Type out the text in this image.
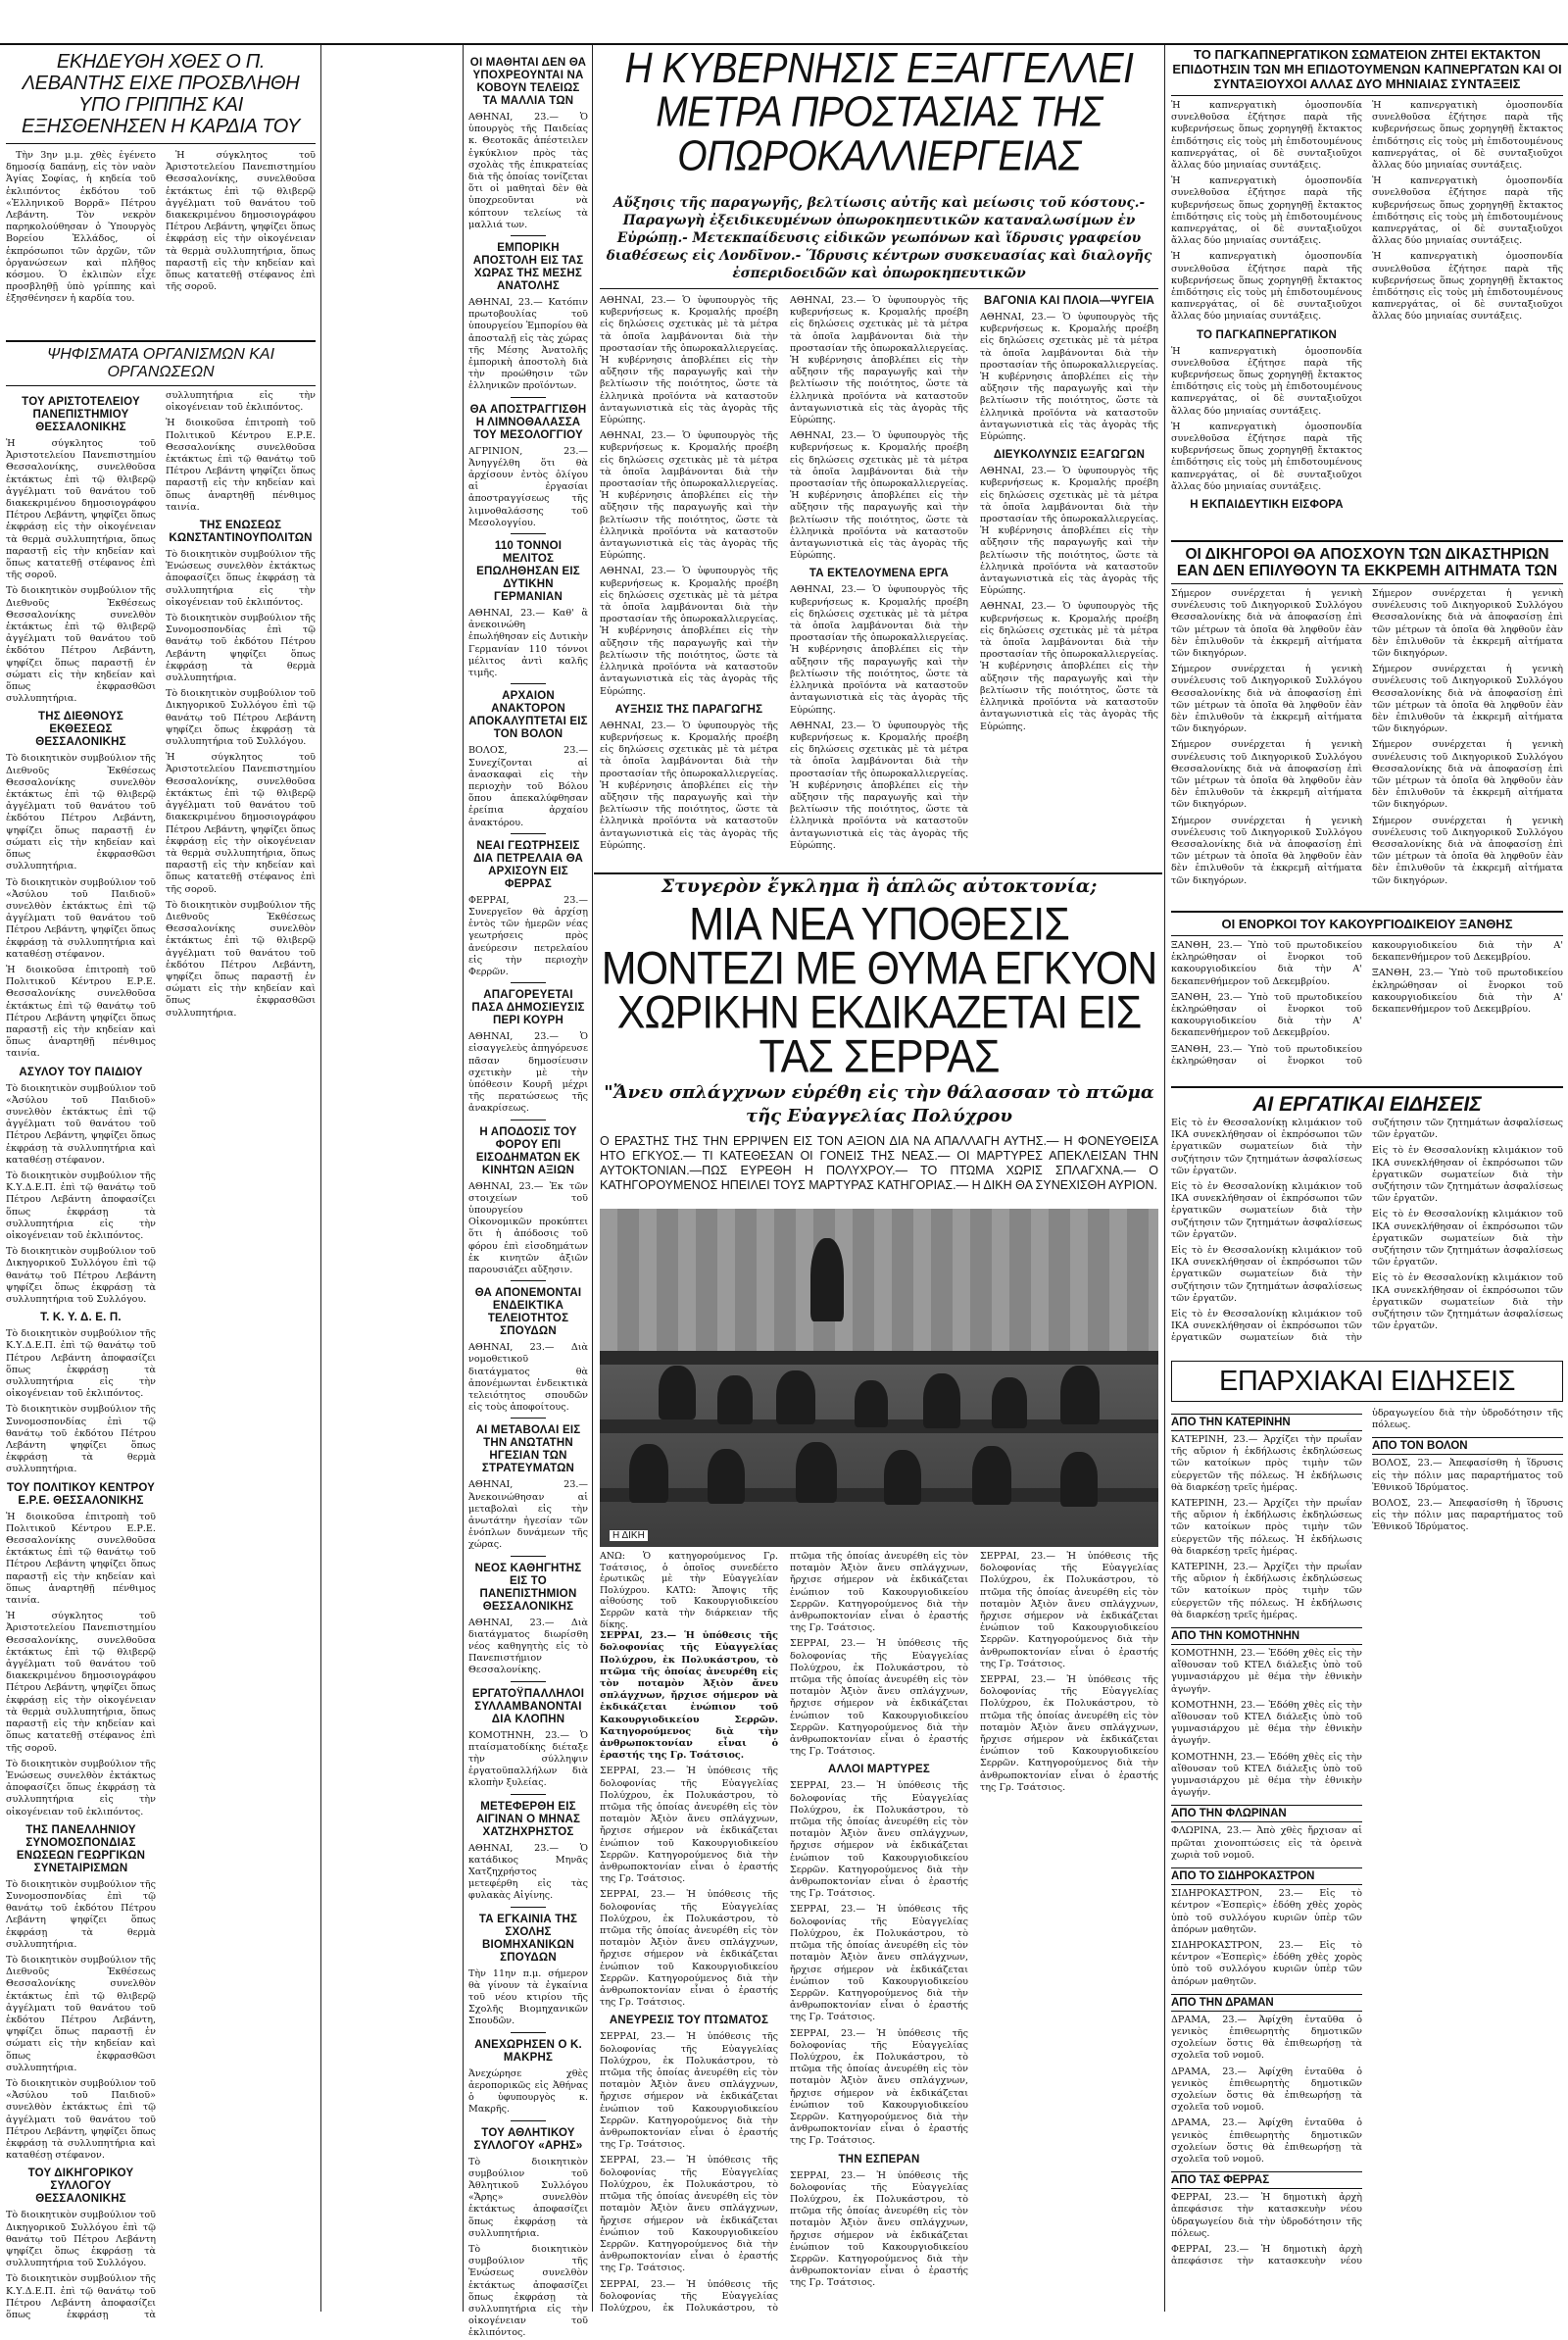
ΕΚΗΔΕΥΘΗ ΧΘΕΣ Ο Π. ΛΕΒΑΝΤΗΣ ΕΙΧΕ ΠΡΟΣΒΛΗΘΗ ΥΠΟ ΓΡΙΠΠΗΣ ΚΑΙ ΕΞΗΣΘΕΝΗΣΕΝ Η ΚΑΡΔΙΑ ΤΟΥ

Τὴν 3ην μ.μ. χθὲς ἐγένετο δημοσίᾳ δαπάνῃ, εἰς τὸν ναὸν Ἁγίας Σοφίας, ἡ κηδεία τοῦ ἐκλιπόντος ἐκδότου τοῦ «Ἑλληνικοῦ Βορρᾶ» Πέτρου Λεβάντη. Τὸν νεκρὸν παρηκολούθησαν ὁ Ὑπουργὸς Βορείου Ἑλλάδος, οἱ ἐκπρόσωποι τῶν ἀρχῶν, τῶν ὀργανώσεων καὶ πλῆθος κόσμου. Ὁ ἐκλιπὼν εἶχε προσβληθῇ ὑπὸ γρίππης καὶ ἐξησθένησεν ἡ καρδία του.

Ἡ σύγκλητος τοῦ Ἀριστοτελείου Πανεπιστημίου Θεσσαλονίκης, συνελθοῦσα ἐκτάκτως ἐπὶ τῷ θλιβερῷ ἀγγέλματι τοῦ θανάτου τοῦ διακεκριμένου δημοσιογράφου Πέτρου Λεβάντη, ψηφίζει ὅπως ἐκφράσῃ εἰς τὴν οἰκογένειαν τὰ θερμὰ συλλυπητήρια, ὅπως παραστῇ εἰς τὴν κηδείαν καὶ ὅπως κατατεθῇ στέφανος ἐπὶ τῆς σοροῦ.

ΨΗΦΙΣΜΑΤΑ ΟΡΓΑΝΙΣΜΩΝ ΚΑΙ ΟΡΓΑΝΩΣΕΩΝ
ΤΟΥ ΑΡΙΣΤΟΤΕΛΕΙΟΥ ΠΑΝΕΠΙΣΤΗΜΙΟΥ ΘΕΣΣΑΛΟΝΙΚΗΣ
Ἡ σύγκλητος τοῦ Ἀριστοτελείου Πανεπιστημίου Θεσσαλονίκης, συνελθοῦσα ἐκτάκτως ἐπὶ τῷ θλιβερῷ ἀγγέλματι τοῦ θανάτου τοῦ διακεκριμένου δημοσιογράφου Πέτρου Λεβάντη, ψηφίζει ὅπως ἐκφράσῃ εἰς τὴν οἰκογένειαν τὰ θερμὰ συλλυπητήρια, ὅπως παραστῇ εἰς τὴν κηδείαν καὶ ὅπως κατατεθῇ στέφανος ἐπὶ τῆς σοροῦ.
Τὸ διοικητικὸν συμβούλιον τῆς Διεθνοῦς Ἐκθέσεως Θεσσαλονίκης συνελθὸν ἐκτάκτως ἐπὶ τῷ θλιβερῷ ἀγγέλματι τοῦ θανάτου τοῦ ἐκδότου Πέτρου Λεβάντη, ψηφίζει ὅπως παραστῇ ἐν σώματι εἰς τὴν κηδείαν καὶ ὅπως ἐκφρασθῶσι συλλυπητήρια.
ΤΗΣ ΔΙΕΘΝΟΥΣ ΕΚΘΕΣΕΩΣ ΘΕΣΣΑΛΟΝΙΚΗΣ
Τὸ διοικητικὸν συμβούλιον τῆς Διεθνοῦς Ἐκθέσεως Θεσσαλονίκης συνελθὸν ἐκτάκτως ἐπὶ τῷ θλιβερῷ ἀγγέλματι τοῦ θανάτου τοῦ ἐκδότου Πέτρου Λεβάντη, ψηφίζει ὅπως παραστῇ ἐν σώματι εἰς τὴν κηδείαν καὶ ὅπως ἐκφρασθῶσι συλλυπητήρια.
Τὸ διοικητικὸν συμβούλιον τοῦ «Ἀσύλου τοῦ Παιδιοῦ» συνελθὸν ἐκτάκτως ἐπὶ τῷ ἀγγέλματι τοῦ θανάτου τοῦ Πέτρου Λεβάντη, ψηφίζει ὅπως ἐκφράσῃ τὰ συλλυπητήρια καὶ καταθέσῃ στέφανον.
Ἡ διοικοῦσα ἐπιτροπὴ τοῦ Πολιτικοῦ Κέντρου Ε.Ρ.Ε. Θεσσαλονίκης συνελθοῦσα ἐκτάκτως ἐπὶ τῷ θανάτῳ τοῦ Πέτρου Λεβάντη ψηφίζει ὅπως παραστῇ εἰς τὴν κηδείαν καὶ ὅπως ἀναρτηθῇ πένθιμος ταινία.
ΑΣΥΛΟΥ ΤΟΥ ΠΑΙΔΙΟΥ
Τὸ διοικητικὸν συμβούλιον τοῦ «Ἀσύλου τοῦ Παιδιοῦ» συνελθὸν ἐκτάκτως ἐπὶ τῷ ἀγγέλματι τοῦ θανάτου τοῦ Πέτρου Λεβάντη, ψηφίζει ὅπως ἐκφράσῃ τὰ συλλυπητήρια καὶ καταθέσῃ στέφανον.
Τὸ διοικητικὸν συμβούλιον τῆς Κ.Υ.Δ.Ε.Π. ἐπὶ τῷ θανάτῳ τοῦ Πέτρου Λεβάντη ἀποφασίζει ὅπως ἐκφράσῃ τὰ συλλυπητήρια εἰς τὴν οἰκογένειαν τοῦ ἐκλιπόντος.
Τὸ διοικητικὸν συμβούλιον τοῦ Δικηγορικοῦ Συλλόγου ἐπὶ τῷ θανάτῳ τοῦ Πέτρου Λεβάντη ψηφίζει ὅπως ἐκφράσῃ τὰ συλλυπητήρια τοῦ Συλλόγου.
Τ. Κ. Υ. Δ. Ε. Π.
Τὸ διοικητικὸν συμβούλιον τῆς Κ.Υ.Δ.Ε.Π. ἐπὶ τῷ θανάτῳ τοῦ Πέτρου Λεβάντη ἀποφασίζει ὅπως ἐκφράσῃ τὰ συλλυπητήρια εἰς τὴν οἰκογένειαν τοῦ ἐκλιπόντος.
Τὸ διοικητικὸν συμβούλιον τῆς Συνομοσπονδίας ἐπὶ τῷ θανάτῳ τοῦ ἐκδότου Πέτρου Λεβάντη ψηφίζει ὅπως ἐκφράσῃ τὰ θερμὰ συλλυπητήρια.
ΤΟΥ ΠΟΛΙΤΙΚΟΥ ΚΕΝΤΡΟΥ Ε.Ρ.Ε. ΘΕΣΣΑΛΟΝΙΚΗΣ
Ἡ διοικοῦσα ἐπιτροπὴ τοῦ Πολιτικοῦ Κέντρου Ε.Ρ.Ε. Θεσσαλονίκης συνελθοῦσα ἐκτάκτως ἐπὶ τῷ θανάτῳ τοῦ Πέτρου Λεβάντη ψηφίζει ὅπως παραστῇ εἰς τὴν κηδείαν καὶ ὅπως ἀναρτηθῇ πένθιμος ταινία.
Ἡ σύγκλητος τοῦ Ἀριστοτελείου Πανεπιστημίου Θεσσαλονίκης, συνελθοῦσα ἐκτάκτως ἐπὶ τῷ θλιβερῷ ἀγγέλματι τοῦ θανάτου τοῦ διακεκριμένου δημοσιογράφου Πέτρου Λεβάντη, ψηφίζει ὅπως ἐκφράσῃ εἰς τὴν οἰκογένειαν τὰ θερμὰ συλλυπητήρια, ὅπως παραστῇ εἰς τὴν κηδείαν καὶ ὅπως κατατεθῇ στέφανος ἐπὶ τῆς σοροῦ.
Τὸ διοικητικὸν συμβούλιον τῆς Ἑνώσεως συνελθὸν ἐκτάκτως ἀποφασίζει ὅπως ἐκφράσῃ τὰ συλλυπητήρια εἰς τὴν οἰκογένειαν τοῦ ἐκλιπόντος.
ΤΗΣ ΠΑΝΕΛΛΗΝΙΟΥ ΣΥΝΟΜΟΣΠΟΝΔΙΑΣ ΕΝΩΣΕΩΝ ΓΕΩΡΓΙΚΩΝ ΣΥΝΕΤΑΙΡΙΣΜΩΝ
Τὸ διοικητικὸν συμβούλιον τῆς Συνομοσπονδίας ἐπὶ τῷ θανάτῳ τοῦ ἐκδότου Πέτρου Λεβάντη ψηφίζει ὅπως ἐκφράσῃ τὰ θερμὰ συλλυπητήρια.
Τὸ διοικητικὸν συμβούλιον τῆς Διεθνοῦς Ἐκθέσεως Θεσσαλονίκης συνελθὸν ἐκτάκτως ἐπὶ τῷ θλιβερῷ ἀγγέλματι τοῦ θανάτου τοῦ ἐκδότου Πέτρου Λεβάντη, ψηφίζει ὅπως παραστῇ ἐν σώματι εἰς τὴν κηδείαν καὶ ὅπως ἐκφρασθῶσι συλλυπητήρια.
Τὸ διοικητικὸν συμβούλιον τοῦ «Ἀσύλου τοῦ Παιδιοῦ» συνελθὸν ἐκτάκτως ἐπὶ τῷ ἀγγέλματι τοῦ θανάτου τοῦ Πέτρου Λεβάντη, ψηφίζει ὅπως ἐκφράσῃ τὰ συλλυπητήρια καὶ καταθέσῃ στέφανον.
ΤΟΥ ΔΙΚΗΓΟΡΙΚΟΥ ΣΥΛΛΟΓΟΥ ΘΕΣΣΑΛΟΝΙΚΗΣ
Τὸ διοικητικὸν συμβούλιον τοῦ Δικηγορικοῦ Συλλόγου ἐπὶ τῷ θανάτῳ τοῦ Πέτρου Λεβάντη ψηφίζει ὅπως ἐκφράσῃ τὰ συλλυπητήρια τοῦ Συλλόγου.
Τὸ διοικητικὸν συμβούλιον τῆς Κ.Υ.Δ.Ε.Π. ἐπὶ τῷ θανάτῳ τοῦ Πέτρου Λεβάντη ἀποφασίζει ὅπως ἐκφράσῃ τὰ συλλυπητήρια εἰς τὴν οἰκογένειαν τοῦ ἐκλιπόντος.
Ἡ διοικοῦσα ἐπιτροπὴ τοῦ Πολιτικοῦ Κέντρου Ε.Ρ.Ε. Θεσσαλονίκης συνελθοῦσα ἐκτάκτως ἐπὶ τῷ θανάτῳ τοῦ Πέτρου Λεβάντη ψηφίζει ὅπως παραστῇ εἰς τὴν κηδείαν καὶ ὅπως ἀναρτηθῇ πένθιμος ταινία.
ΤΗΣ ΕΝΩΣΕΩΣ ΚΩΝΣΤΑΝΤΙΝΟΥΠΟΛΙΤΩΝ
Τὸ διοικητικὸν συμβούλιον τῆς Ἑνώσεως συνελθὸν ἐκτάκτως ἀποφασίζει ὅπως ἐκφράσῃ τὰ συλλυπητήρια εἰς τὴν οἰκογένειαν τοῦ ἐκλιπόντος.
Τὸ διοικητικὸν συμβούλιον τῆς Συνομοσπονδίας ἐπὶ τῷ θανάτῳ τοῦ ἐκδότου Πέτρου Λεβάντη ψηφίζει ὅπως ἐκφράσῃ τὰ θερμὰ συλλυπητήρια.
Τὸ διοικητικὸν συμβούλιον τοῦ Δικηγορικοῦ Συλλόγου ἐπὶ τῷ θανάτῳ τοῦ Πέτρου Λεβάντη ψηφίζει ὅπως ἐκφράσῃ τὰ συλλυπητήρια τοῦ Συλλόγου.
Ἡ σύγκλητος τοῦ Ἀριστοτελείου Πανεπιστημίου Θεσσαλονίκης, συνελθοῦσα ἐκτάκτως ἐπὶ τῷ θλιβερῷ ἀγγέλματι τοῦ θανάτου τοῦ διακεκριμένου δημοσιογράφου Πέτρου Λεβάντη, ψηφίζει ὅπως ἐκφράσῃ εἰς τὴν οἰκογένειαν τὰ θερμὰ συλλυπητήρια, ὅπως παραστῇ εἰς τὴν κηδείαν καὶ ὅπως κατατεθῇ στέφανος ἐπὶ τῆς σοροῦ.
Τὸ διοικητικὸν συμβούλιον τῆς Διεθνοῦς Ἐκθέσεως Θεσσαλονίκης συνελθὸν ἐκτάκτως ἐπὶ τῷ θλιβερῷ ἀγγέλματι τοῦ θανάτου τοῦ ἐκδότου Πέτρου Λεβάντη, ψηφίζει ὅπως παραστῇ ἐν σώματι εἰς τὴν κηδείαν καὶ ὅπως ἐκφρασθῶσι συλλυπητήρια.
ΟΙ ΜΑΘΗΤΑΙ ΔΕΝ ΘΑ ΥΠΟΧΡΕΟΥΝΤΑΙ ΝΑ ΚΟΒΟΥΝ ΤΕΛΕΙΩΣ ΤΑ ΜΑΛΛΙΑ ΤΩΝ
ΑΘΗΝΑΙ, 23.— Ὁ ὑπουργὸς τῆς Παιδείας κ. Θεοτοκᾶς ἀπέστειλεν ἐγκύκλιον πρὸς τὰς σχολὰς τῆς ἐπικρατείας διὰ τῆς ὁποίας τονίζεται ὅτι οἱ μαθηταὶ δὲν θὰ ὑποχρεοῦνται νὰ κόπτουν τελείως τὰ μαλλιά των.
ΕΜΠΟΡΙΚΗ ΑΠΟΣΤΟΛΗ ΕΙΣ ΤΑΣ ΧΩΡΑΣ ΤΗΣ ΜΕΣΗΣ ΑΝΑΤΟΛΗΣ
ΑΘΗΝΑΙ, 23.— Κατόπιν πρωτοβουλίας τοῦ ὑπουργείου Ἐμπορίου θὰ ἀποσταλῇ εἰς τὰς χώρας τῆς Μέσης Ἀνατολῆς ἐμπορικὴ ἀποστολὴ διὰ τὴν προώθησιν τῶν ἑλληνικῶν προϊόντων.
ΘΑ ΑΠΟΣΤΡΑΓΓΙΣΘΗ Η ΛΙΜΝΟΘΑΛΑΣΣΑ ΤΟΥ ΜΕΣΟΛΟΓΓΙΟΥ
ΑΓΡΙΝΙΟΝ, 23.— Ἀνηγγέλθη ὅτι θὰ ἀρχίσουν ἐντὸς ὀλίγου αἱ ἐργασίαι ἀποστραγγίσεως τῆς λιμνοθαλάσσης τοῦ Μεσολογγίου.
110 ΤΟΝΝΟΙ ΜΕΛΙΤΟΣ ΕΠΩΛΗΘΗΣΑΝ ΕΙΣ ΔΥΤΙΚΗΝ ΓΕΡΜΑΝΙΑΝ
ΑΘΗΝΑΙ, 23.— Καθ' ἃ ἀνεκοινώθη ἐπωλήθησαν εἰς Δυτικὴν Γερμανίαν 110 τόννοι μέλιτος ἀντὶ καλῆς τιμῆς.
ΑΡΧΑΙΟΝ ΑΝΑΚΤΟΡΟΝ ΑΠΟΚΑΛΥΠΤΕΤΑΙ ΕΙΣ ΤΟΝ ΒΟΛΟΝ
ΒΟΛΟΣ, 23.— Συνεχίζονται αἱ ἀνασκαφαὶ εἰς τὴν περιοχὴν τοῦ Βόλου ὅπου ἀπεκαλύφθησαν ἐρείπια ἀρχαίου ἀνακτόρου.
ΝΕΑΙ ΓΕΩΤΡΗΣΕΙΣ ΔΙΑ ΠΕΤΡΕΛΑΙΑ ΘΑ ΑΡΧΙΣΟΥΝ ΕΙΣ ΦΕΡΡΑΣ
ΦΕΡΡΑΙ, 23.— Συνεργεῖον θὰ ἀρχίσῃ ἐντὸς τῶν ἡμερῶν νέας γεωτρήσεις πρὸς ἀνεύρεσιν πετρελαίου εἰς τὴν περιοχὴν Φερρῶν.
ΑΠΑΓΟΡΕΥΕΤΑΙ ΠΑΣΑ ΔΗΜΟΣΙΕΥΣΙΣ ΠΕΡΙ ΚΟΥΡΗ
ΑΘΗΝΑΙ, 23.— Ὁ εἰσαγγελεὺς ἀπηγόρευσε πᾶσαν δημοσίευσιν σχετικὴν μὲ τὴν ὑπόθεσιν Κουρῆ μέχρι τῆς περατώσεως τῆς ἀνακρίσεως.
Η ΑΠΟΔΟΣΙΣ ΤΟΥ ΦΟΡΟΥ ΕΠΙ ΕΙΣΟΔΗΜΑΤΩΝ ΕΚ ΚΙΝΗΤΩΝ ΑΞΙΩΝ
ΑΘΗΝΑΙ, 23.— Ἐκ τῶν στοιχείων τοῦ ὑπουργείου Οἰκονομικῶν προκύπτει ὅτι ἡ ἀπόδοσις τοῦ φόρου ἐπὶ εἰσοδημάτων ἐκ κινητῶν ἀξιῶν παρουσιάζει αὔξησιν.
ΘΑ ΑΠΟΝΕΜΟΝΤΑΙ ΕΝΔΕΙΚΤΙΚΑ ΤΕΛΕΙΟΤΗΤΟΣ ΣΠΟΥΔΩΝ
ΑΘΗΝΑΙ, 23.— Διὰ νομοθετικοῦ διατάγματος θὰ ἀπονέμωνται ἐνδεικτικὰ τελειότητος σπουδῶν εἰς τοὺς ἀποφοίτους.
ΑΙ ΜΕΤΑΒΟΛΑΙ ΕΙΣ ΤΗΝ ΑΝΩΤΑΤΗΝ ΗΓΕΣΙΑΝ ΤΩΝ ΣΤΡΑΤΕΥΜΑΤΩΝ
ΑΘΗΝΑΙ, 23.— Ἀνεκοινώθησαν αἱ μεταβολαὶ εἰς τὴν ἀνωτάτην ἡγεσίαν τῶν ἐνόπλων δυνάμεων τῆς χώρας.
ΝΕΟΣ ΚΑΘΗΓΗΤΗΣ ΕΙΣ ΤΟ ΠΑΝΕΠΙΣΤΗΜΙΟΝ ΘΕΣΣΑΛΟΝΙΚΗΣ
ΑΘΗΝΑΙ, 23.— Διὰ διατάγματος διωρίσθη νέος καθηγητὴς εἰς τὸ Πανεπιστήμιον Θεσσαλονίκης.
ΕΡΓΑΤΟΫΠΑΛΛΗΛΟΙ ΣΥΛΛΑΜΒΑΝΟΝΤΑΙ ΔΙΑ ΚΛΟΠΗΝ
ΚΟΜΟΤΗΝΗ, 23.— Ὁ πταίσματοδίκης διέταξε τὴν σύλληψιν ἐργατοϋπαλλήλων διὰ κλοπὴν ξυλείας.
ΜΕΤΕΦΕΡΘΗ ΕΙΣ ΑΙΓΙΝΑΝ Ο ΜΗΝΑΣ ΧΑΤΖΗΧΡΗΣΤΟΣ
ΑΘΗΝΑΙ, 23.— Ὁ κατάδικος Μηνᾶς Χατζηχρήστος μετεφέρθη εἰς τὰς φυλακὰς Αἰγίνης.
ΤΑ ΕΓΚΑΙΝΙΑ ΤΗΣ ΣΧΟΛΗΣ ΒΙΟΜΗΧΑΝΙΚΩΝ ΣΠΟΥΔΩΝ
Τὴν 11ην π.μ. σήμερον θὰ γίνουν τὰ ἐγκαίνια τοῦ νέου κτιρίου τῆς Σχολῆς Βιομηχανικῶν Σπουδῶν.
ΑΝΕΧΩΡΗΣΕΝ Ο Κ. ΜΑΚΡΗΣ
Ἀνεχώρησε χθὲς ἀεροπορικῶς εἰς Ἀθήνας ὁ ὑφυπουργὸς κ. Μακρῆς.
ΤΟΥ ΑΘΛΗΤΙΚΟΥ ΣΥΛΛΟΓΟΥ «ΑΡΗΣ»
Τὸ διοικητικὸν συμβούλιον τοῦ Ἀθλητικοῦ Συλλόγου «Ἄρης» συνελθὸν ἐκτάκτως ἀποφασίζει ὅπως ἐκφράσῃ τὰ συλλυπητήρια.
Τὸ διοικητικὸν συμβούλιον τῆς Ἑνώσεως συνελθὸν ἐκτάκτως ἀποφασίζει ὅπως ἐκφράσῃ τὰ συλλυπητήρια εἰς τὴν οἰκογένειαν τοῦ ἐκλιπόντος.
Η ΚΥΒΕΡΝΗΣΙΣ ΕΞΑΓΓΕΛΛΕΙ ΜΕΤΡΑ ΠΡΟΣΤΑΣΙΑΣ ΤΗΣ ΟΠΩΡΟΚΑΛΛΙΕΡΓΕΙΑΣ
Αὔξησις τῆς παραγωγῆς, βελτίωσις αὐτῆς καὶ μείωσις τοῦ κόστους.- Παραγωγὴ ἐξειδικευμένων ὀπωροκηπευτικῶν καταναλωσίμων ἐν Εὐρώπῃ.- Μετεκπαίδευσις εἰδικῶν γεωπόνων καὶ ἵδρυσις γραφείου διαθέσεως εἰς Λονδῖνον.- Ἵδρυσις κέντρων συσκευασίας καὶ διαλογῆς ἐσπεριδοειδῶν καὶ ὀπωροκηπευτικῶν
ΑΘΗΝΑΙ, 23.— Ὁ ὑφυπουργὸς τῆς κυβερνήσεως κ. Κρομαλής προέβη εἰς δηλώσεις σχετικὰς μὲ τὰ μέτρα τὰ ὁποῖα λαμβάνονται διὰ τὴν προστασίαν τῆς ὀπωροκαλλιεργείας. Ἡ κυβέρνησις ἀποβλέπει εἰς τὴν αὔξησιν τῆς παραγωγῆς καὶ τὴν βελτίωσιν τῆς ποιότητος, ὥστε τὰ ἑλληνικὰ προϊόντα νὰ καταστοῦν ἀνταγωνιστικὰ εἰς τὰς ἀγορὰς τῆς Εὐρώπης.
ΑΘΗΝΑΙ, 23.— Ὁ ὑφυπουργὸς τῆς κυβερνήσεως κ. Κρομαλής προέβη εἰς δηλώσεις σχετικὰς μὲ τὰ μέτρα τὰ ὁποῖα λαμβάνονται διὰ τὴν προστασίαν τῆς ὀπωροκαλλιεργείας. Ἡ κυβέρνησις ἀποβλέπει εἰς τὴν αὔξησιν τῆς παραγωγῆς καὶ τὴν βελτίωσιν τῆς ποιότητος, ὥστε τὰ ἑλληνικὰ προϊόντα νὰ καταστοῦν ἀνταγωνιστικὰ εἰς τὰς ἀγορὰς τῆς Εὐρώπης.
ΑΘΗΝΑΙ, 23.— Ὁ ὑφυπουργὸς τῆς κυβερνήσεως κ. Κρομαλής προέβη εἰς δηλώσεις σχετικὰς μὲ τὰ μέτρα τὰ ὁποῖα λαμβάνονται διὰ τὴν προστασίαν τῆς ὀπωροκαλλιεργείας. Ἡ κυβέρνησις ἀποβλέπει εἰς τὴν αὔξησιν τῆς παραγωγῆς καὶ τὴν βελτίωσιν τῆς ποιότητος, ὥστε τὰ ἑλληνικὰ προϊόντα νὰ καταστοῦν ἀνταγωνιστικὰ εἰς τὰς ἀγορὰς τῆς Εὐρώπης.
ΑΥΞΗΣΙΣ ΤΗΣ ΠΑΡΑΓΩΓΗΣ
ΑΘΗΝΑΙ, 23.— Ὁ ὑφυπουργὸς τῆς κυβερνήσεως κ. Κρομαλής προέβη εἰς δηλώσεις σχετικὰς μὲ τὰ μέτρα τὰ ὁποῖα λαμβάνονται διὰ τὴν προστασίαν τῆς ὀπωροκαλλιεργείας. Ἡ κυβέρνησις ἀποβλέπει εἰς τὴν αὔξησιν τῆς παραγωγῆς καὶ τὴν βελτίωσιν τῆς ποιότητος, ὥστε τὰ ἑλληνικὰ προϊόντα νὰ καταστοῦν ἀνταγωνιστικὰ εἰς τὰς ἀγορὰς τῆς Εὐρώπης.
ΑΘΗΝΑΙ, 23.— Ὁ ὑφυπουργὸς τῆς κυβερνήσεως κ. Κρομαλής προέβη εἰς δηλώσεις σχετικὰς μὲ τὰ μέτρα τὰ ὁποῖα λαμβάνονται διὰ τὴν προστασίαν τῆς ὀπωροκαλλιεργείας. Ἡ κυβέρνησις ἀποβλέπει εἰς τὴν αὔξησιν τῆς παραγωγῆς καὶ τὴν βελτίωσιν τῆς ποιότητος, ὥστε τὰ ἑλληνικὰ προϊόντα νὰ καταστοῦν ἀνταγωνιστικὰ εἰς τὰς ἀγορὰς τῆς Εὐρώπης.
ΑΘΗΝΑΙ, 23.— Ὁ ὑφυπουργὸς τῆς κυβερνήσεως κ. Κρομαλής προέβη εἰς δηλώσεις σχετικὰς μὲ τὰ μέτρα τὰ ὁποῖα λαμβάνονται διὰ τὴν προστασίαν τῆς ὀπωροκαλλιεργείας. Ἡ κυβέρνησις ἀποβλέπει εἰς τὴν αὔξησιν τῆς παραγωγῆς καὶ τὴν βελτίωσιν τῆς ποιότητος, ὥστε τὰ ἑλληνικὰ προϊόντα νὰ καταστοῦν ἀνταγωνιστικὰ εἰς τὰς ἀγορὰς τῆς Εὐρώπης.
ΤΑ ΕΚΤΕΛΟΥΜΕΝΑ ΕΡΓΑ
ΑΘΗΝΑΙ, 23.— Ὁ ὑφυπουργὸς τῆς κυβερνήσεως κ. Κρομαλής προέβη εἰς δηλώσεις σχετικὰς μὲ τὰ μέτρα τὰ ὁποῖα λαμβάνονται διὰ τὴν προστασίαν τῆς ὀπωροκαλλιεργείας. Ἡ κυβέρνησις ἀποβλέπει εἰς τὴν αὔξησιν τῆς παραγωγῆς καὶ τὴν βελτίωσιν τῆς ποιότητος, ὥστε τὰ ἑλληνικὰ προϊόντα νὰ καταστοῦν ἀνταγωνιστικὰ εἰς τὰς ἀγορὰς τῆς Εὐρώπης.
ΑΘΗΝΑΙ, 23.— Ὁ ὑφυπουργὸς τῆς κυβερνήσεως κ. Κρομαλής προέβη εἰς δηλώσεις σχετικὰς μὲ τὰ μέτρα τὰ ὁποῖα λαμβάνονται διὰ τὴν προστασίαν τῆς ὀπωροκαλλιεργείας. Ἡ κυβέρνησις ἀποβλέπει εἰς τὴν αὔξησιν τῆς παραγωγῆς καὶ τὴν βελτίωσιν τῆς ποιότητος, ὥστε τὰ ἑλληνικὰ προϊόντα νὰ καταστοῦν ἀνταγωνιστικὰ εἰς τὰς ἀγορὰς τῆς Εὐρώπης.
ΒΑΓΟΝΙΑ ΚΑΙ ΠΛΟΙΑ—ΨΥΓΕΙΑ
ΑΘΗΝΑΙ, 23.— Ὁ ὑφυπουργὸς τῆς κυβερνήσεως κ. Κρομαλής προέβη εἰς δηλώσεις σχετικὰς μὲ τὰ μέτρα τὰ ὁποῖα λαμβάνονται διὰ τὴν προστασίαν τῆς ὀπωροκαλλιεργείας. Ἡ κυβέρνησις ἀποβλέπει εἰς τὴν αὔξησιν τῆς παραγωγῆς καὶ τὴν βελτίωσιν τῆς ποιότητος, ὥστε τὰ ἑλληνικὰ προϊόντα νὰ καταστοῦν ἀνταγωνιστικὰ εἰς τὰς ἀγορὰς τῆς Εὐρώπης.
ΔΙΕΥΚΟΛΥΝΣΙΣ ΕΞΑΓΩΓΩΝ
ΑΘΗΝΑΙ, 23.— Ὁ ὑφυπουργὸς τῆς κυβερνήσεως κ. Κρομαλής προέβη εἰς δηλώσεις σχετικὰς μὲ τὰ μέτρα τὰ ὁποῖα λαμβάνονται διὰ τὴν προστασίαν τῆς ὀπωροκαλλιεργείας. Ἡ κυβέρνησις ἀποβλέπει εἰς τὴν αὔξησιν τῆς παραγωγῆς καὶ τὴν βελτίωσιν τῆς ποιότητος, ὥστε τὰ ἑλληνικὰ προϊόντα νὰ καταστοῦν ἀνταγωνιστικὰ εἰς τὰς ἀγορὰς τῆς Εὐρώπης.
ΑΘΗΝΑΙ, 23.— Ὁ ὑφυπουργὸς τῆς κυβερνήσεως κ. Κρομαλής προέβη εἰς δηλώσεις σχετικὰς μὲ τὰ μέτρα τὰ ὁποῖα λαμβάνονται διὰ τὴν προστασίαν τῆς ὀπωροκαλλιεργείας. Ἡ κυβέρνησις ἀποβλέπει εἰς τὴν αὔξησιν τῆς παραγωγῆς καὶ τὴν βελτίωσιν τῆς ποιότητος, ὥστε τὰ ἑλληνικὰ προϊόντα νὰ καταστοῦν ἀνταγωνιστικὰ εἰς τὰς ἀγορὰς τῆς Εὐρώπης.
Στυγερὸν ἔγκλημα ἢ ἁπλῶς αὐτοκτονία;
ΜΙΑ ΝΕΑ ΥΠΟΘΕΣΙΣ ΜΟΝΤΕΖΙ ΜΕ ΘΥΜΑ ΕΓΚΥΟΝ ΧΩΡΙΚΗΝ ΕΚΔΙΚΑΖΕΤΑΙ ΕΙΣ ΤΑΣ ΣΕΡΡΑΣ
"Ἄνευ σπλάγχνων εὑρέθη εἰς τὴν θάλασσαν τὸ πτῶμα τῆς Εὐαγγελίας Πολύχρου
Ο ΕΡΑΣΤΗΣ ΤΗΣ ΤΗΝ ΕΡΡΙΨΕΝ ΕΙΣ ΤΟΝ ΑΞΙΟΝ ΔΙΑ ΝΑ ΑΠΑΛΛΑΓΗ ΑΥΤΗΣ.— Η ΦΟΝΕΥΘΕΙΣΑ ΗΤΟ ΕΓΚΥΟΣ.— ΤΙ ΚΑΤΕΘΕΣΑΝ ΟΙ ΓΟΝΕΙΣ ΤΗΣ ΝΕΑΣ.— ΟΙ ΜΑΡΤΥΡΕΣ ΑΠΕΚΛΕΙΣΑΝ ΤΗΝ ΑΥΤΟΚΤΟΝΙΑΝ.—ΠΩΣ ΕΥΡΕΘΗ Η ΠΟΛΥΧΡΟΥ.— ΤΟ ΠΤΩΜΑ ΧΩΡΙΣ ΣΠΛΑΓΧΝΑ.— Ο ΚΑΤΗΓΟΡΟΥΜΕΝΟΣ ΗΠΕΙΛΕΙ ΤΟΥΣ ΜΑΡΤΥΡΑΣ ΚΑΤΗΓΟΡΙΑΣ.— Η ΔΙΚΗ ΘΑ ΣΥΝΕΧΙΣΘΗ ΑΥΡΙΟΝ.
Η ΔΙΚΗ
ΑΝΩ: Ὁ κατηγορούμενος Γρ. Τσάτσιος, ὁ ὁποῖος συνεδέετο ἐρωτικῶς μὲ τὴν Εὐαγγελίαν Πολύχρου. ΚΑΤΩ: Ἄποψις τῆς αἰθούσης τοῦ Κακουργιοδικείου Σερρῶν κατὰ τὴν διάρκειαν τῆς δίκης.
ΣΕΡΡΑΙ, 23.— Ἡ ὑπόθεσις τῆς δολοφονίας τῆς Εὐαγγελίας Πολύχρου, ἐκ Πολυκάστρου, τὸ πτῶμα τῆς ὁποίας ἀνευρέθη εἰς τὸν ποταμὸν Ἀξιὸν ἄνευ σπλάγχνων, ἤρχισε σήμερον νὰ ἐκδικάζεται ἐνώπιον τοῦ Κακουργιοδικείου Σερρῶν. Κατηγορούμενος διὰ τὴν ἀνθρωποκτονίαν εἶναι ὁ ἐραστής της Γρ. Τσάτσιος.
ΣΕΡΡΑΙ, 23.— Ἡ ὑπόθεσις τῆς δολοφονίας τῆς Εὐαγγελίας Πολύχρου, ἐκ Πολυκάστρου, τὸ πτῶμα τῆς ὁποίας ἀνευρέθη εἰς τὸν ποταμὸν Ἀξιὸν ἄνευ σπλάγχνων, ἤρχισε σήμερον νὰ ἐκδικάζεται ἐνώπιον τοῦ Κακουργιοδικείου Σερρῶν. Κατηγορούμενος διὰ τὴν ἀνθρωποκτονίαν εἶναι ὁ ἐραστής της Γρ. Τσάτσιος.
ΣΕΡΡΑΙ, 23.— Ἡ ὑπόθεσις τῆς δολοφονίας τῆς Εὐαγγελίας Πολύχρου, ἐκ Πολυκάστρου, τὸ πτῶμα τῆς ὁποίας ἀνευρέθη εἰς τὸν ποταμὸν Ἀξιὸν ἄνευ σπλάγχνων, ἤρχισε σήμερον νὰ ἐκδικάζεται ἐνώπιον τοῦ Κακουργιοδικείου Σερρῶν. Κατηγορούμενος διὰ τὴν ἀνθρωποκτονίαν εἶναι ὁ ἐραστής της Γρ. Τσάτσιος.
ΑΝΕΥΡΕΣΙΣ ΤΟΥ ΠΤΩΜΑΤΟΣ
ΣΕΡΡΑΙ, 23.— Ἡ ὑπόθεσις τῆς δολοφονίας τῆς Εὐαγγελίας Πολύχρου, ἐκ Πολυκάστρου, τὸ πτῶμα τῆς ὁποίας ἀνευρέθη εἰς τὸν ποταμὸν Ἀξιὸν ἄνευ σπλάγχνων, ἤρχισε σήμερον νὰ ἐκδικάζεται ἐνώπιον τοῦ Κακουργιοδικείου Σερρῶν. Κατηγορούμενος διὰ τὴν ἀνθρωποκτονίαν εἶναι ὁ ἐραστής της Γρ. Τσάτσιος.
ΣΕΡΡΑΙ, 23.— Ἡ ὑπόθεσις τῆς δολοφονίας τῆς Εὐαγγελίας Πολύχρου, ἐκ Πολυκάστρου, τὸ πτῶμα τῆς ὁποίας ἀνευρέθη εἰς τὸν ποταμὸν Ἀξιὸν ἄνευ σπλάγχνων, ἤρχισε σήμερον νὰ ἐκδικάζεται ἐνώπιον τοῦ Κακουργιοδικείου Σερρῶν. Κατηγορούμενος διὰ τὴν ἀνθρωποκτονίαν εἶναι ὁ ἐραστής της Γρ. Τσάτσιος.
ΣΕΡΡΑΙ, 23.— Ἡ ὑπόθεσις τῆς δολοφονίας τῆς Εὐαγγελίας Πολύχρου, ἐκ Πολυκάστρου, τὸ πτῶμα τῆς ὁποίας ἀνευρέθη εἰς τὸν ποταμὸν Ἀξιὸν ἄνευ σπλάγχνων, ἤρχισε σήμερον νὰ ἐκδικάζεται ἐνώπιον τοῦ Κακουργιοδικείου Σερρῶν. Κατηγορούμενος διὰ τὴν ἀνθρωποκτονίαν εἶναι ὁ ἐραστής της Γρ. Τσάτσιος.
ΣΕΡΡΑΙ, 23.— Ἡ ὑπόθεσις τῆς δολοφονίας τῆς Εὐαγγελίας Πολύχρου, ἐκ Πολυκάστρου, τὸ πτῶμα τῆς ὁποίας ἀνευρέθη εἰς τὸν ποταμὸν Ἀξιὸν ἄνευ σπλάγχνων, ἤρχισε σήμερον νὰ ἐκδικάζεται ἐνώπιον τοῦ Κακουργιοδικείου Σερρῶν. Κατηγορούμενος διὰ τὴν ἀνθρωποκτονίαν εἶναι ὁ ἐραστής της Γρ. Τσάτσιος.
ΑΛΛΟΙ ΜΑΡΤΥΡΕΣ
ΣΕΡΡΑΙ, 23.— Ἡ ὑπόθεσις τῆς δολοφονίας τῆς Εὐαγγελίας Πολύχρου, ἐκ Πολυκάστρου, τὸ πτῶμα τῆς ὁποίας ἀνευρέθη εἰς τὸν ποταμὸν Ἀξιὸν ἄνευ σπλάγχνων, ἤρχισε σήμερον νὰ ἐκδικάζεται ἐνώπιον τοῦ Κακουργιοδικείου Σερρῶν. Κατηγορούμενος διὰ τὴν ἀνθρωποκτονίαν εἶναι ὁ ἐραστής της Γρ. Τσάτσιος.
ΣΕΡΡΑΙ, 23.— Ἡ ὑπόθεσις τῆς δολοφονίας τῆς Εὐαγγελίας Πολύχρου, ἐκ Πολυκάστρου, τὸ πτῶμα τῆς ὁποίας ἀνευρέθη εἰς τὸν ποταμὸν Ἀξιὸν ἄνευ σπλάγχνων, ἤρχισε σήμερον νὰ ἐκδικάζεται ἐνώπιον τοῦ Κακουργιοδικείου Σερρῶν. Κατηγορούμενος διὰ τὴν ἀνθρωποκτονίαν εἶναι ὁ ἐραστής της Γρ. Τσάτσιος.
ΣΕΡΡΑΙ, 23.— Ἡ ὑπόθεσις τῆς δολοφονίας τῆς Εὐαγγελίας Πολύχρου, ἐκ Πολυκάστρου, τὸ πτῶμα τῆς ὁποίας ἀνευρέθη εἰς τὸν ποταμὸν Ἀξιὸν ἄνευ σπλάγχνων, ἤρχισε σήμερον νὰ ἐκδικάζεται ἐνώπιον τοῦ Κακουργιοδικείου Σερρῶν. Κατηγορούμενος διὰ τὴν ἀνθρωποκτονίαν εἶναι ὁ ἐραστής της Γρ. Τσάτσιος.
ΤΗΝ ΕΣΠΕΡΑΝ
ΣΕΡΡΑΙ, 23.— Ἡ ὑπόθεσις τῆς δολοφονίας τῆς Εὐαγγελίας Πολύχρου, ἐκ Πολυκάστρου, τὸ πτῶμα τῆς ὁποίας ἀνευρέθη εἰς τὸν ποταμὸν Ἀξιὸν ἄνευ σπλάγχνων, ἤρχισε σήμερον νὰ ἐκδικάζεται ἐνώπιον τοῦ Κακουργιοδικείου Σερρῶν. Κατηγορούμενος διὰ τὴν ἀνθρωποκτονίαν εἶναι ὁ ἐραστής της Γρ. Τσάτσιος.
ΣΕΡΡΑΙ, 23.— Ἡ ὑπόθεσις τῆς δολοφονίας τῆς Εὐαγγελίας Πολύχρου, ἐκ Πολυκάστρου, τὸ πτῶμα τῆς ὁποίας ἀνευρέθη εἰς τὸν ποταμὸν Ἀξιὸν ἄνευ σπλάγχνων, ἤρχισε σήμερον νὰ ἐκδικάζεται ἐνώπιον τοῦ Κακουργιοδικείου Σερρῶν. Κατηγορούμενος διὰ τὴν ἀνθρωποκτονίαν εἶναι ὁ ἐραστής της Γρ. Τσάτσιος.
ΣΕΡΡΑΙ, 23.— Ἡ ὑπόθεσις τῆς δολοφονίας τῆς Εὐαγγελίας Πολύχρου, ἐκ Πολυκάστρου, τὸ πτῶμα τῆς ὁποίας ἀνευρέθη εἰς τὸν ποταμὸν Ἀξιὸν ἄνευ σπλάγχνων, ἤρχισε σήμερον νὰ ἐκδικάζεται ἐνώπιον τοῦ Κακουργιοδικείου Σερρῶν. Κατηγορούμενος διὰ τὴν ἀνθρωποκτονίαν εἶναι ὁ ἐραστής της Γρ. Τσάτσιος.
ΤΟ ΠΑΓΚΑΠΝΕΡΓΑΤΙΚΟΝ ΣΩΜΑΤΕΙΟΝ ΖΗΤΕΙ ΕΚΤΑΚΤΟΝ ΕΠΙΔΟΤΗΣΙΝ ΤΩΝ ΜΗ ΕΠΙΔΟΤΟΥΜΕΝΩΝ ΚΑΠΝΕΡΓΑΤΩΝ ΚΑΙ ΟΙ ΣΥΝΤΑΞΙΟΥΧΟΙ ΑΛΛΑΣ ΔΥΟ ΜΗΝΙΑΙΑΣ ΣΥΝΤΑΞΕΙΣ
Ἡ καπνεργατικὴ ὁμοσπονδία συνελθοῦσα ἐζήτησε παρὰ τῆς κυβερνήσεως ὅπως χορηγηθῇ ἔκτακτος ἐπιδότησις εἰς τοὺς μὴ ἐπιδοτουμένους καπνεργάτας, οἱ δὲ συνταξιοῦχοι ἄλλας δύο μηνιαίας συντάξεις.
Ἡ καπνεργατικὴ ὁμοσπονδία συνελθοῦσα ἐζήτησε παρὰ τῆς κυβερνήσεως ὅπως χορηγηθῇ ἔκτακτος ἐπιδότησις εἰς τοὺς μὴ ἐπιδοτουμένους καπνεργάτας, οἱ δὲ συνταξιοῦχοι ἄλλας δύο μηνιαίας συντάξεις.
Ἡ καπνεργατικὴ ὁμοσπονδία συνελθοῦσα ἐζήτησε παρὰ τῆς κυβερνήσεως ὅπως χορηγηθῇ ἔκτακτος ἐπιδότησις εἰς τοὺς μὴ ἐπιδοτουμένους καπνεργάτας, οἱ δὲ συνταξιοῦχοι ἄλλας δύο μηνιαίας συντάξεις.
ΤΟ ΠΑΓΚΑΠΝΕΡΓΑΤΙΚΟΝ
Ἡ καπνεργατικὴ ὁμοσπονδία συνελθοῦσα ἐζήτησε παρὰ τῆς κυβερνήσεως ὅπως χορηγηθῇ ἔκτακτος ἐπιδότησις εἰς τοὺς μὴ ἐπιδοτουμένους καπνεργάτας, οἱ δὲ συνταξιοῦχοι ἄλλας δύο μηνιαίας συντάξεις.
Ἡ καπνεργατικὴ ὁμοσπονδία συνελθοῦσα ἐζήτησε παρὰ τῆς κυβερνήσεως ὅπως χορηγηθῇ ἔκτακτος ἐπιδότησις εἰς τοὺς μὴ ἐπιδοτουμένους καπνεργάτας, οἱ δὲ συνταξιοῦχοι ἄλλας δύο μηνιαίας συντάξεις.
Η ΕΚΠΑΙΔΕΥΤΙΚΗ ΕΙΣΦΟΡΑ
Ἡ καπνεργατικὴ ὁμοσπονδία συνελθοῦσα ἐζήτησε παρὰ τῆς κυβερνήσεως ὅπως χορηγηθῇ ἔκτακτος ἐπιδότησις εἰς τοὺς μὴ ἐπιδοτουμένους καπνεργάτας, οἱ δὲ συνταξιοῦχοι ἄλλας δύο μηνιαίας συντάξεις.
Ἡ καπνεργατικὴ ὁμοσπονδία συνελθοῦσα ἐζήτησε παρὰ τῆς κυβερνήσεως ὅπως χορηγηθῇ ἔκτακτος ἐπιδότησις εἰς τοὺς μὴ ἐπιδοτουμένους καπνεργάτας, οἱ δὲ συνταξιοῦχοι ἄλλας δύο μηνιαίας συντάξεις.
Ἡ καπνεργατικὴ ὁμοσπονδία συνελθοῦσα ἐζήτησε παρὰ τῆς κυβερνήσεως ὅπως χορηγηθῇ ἔκτακτος ἐπιδότησις εἰς τοὺς μὴ ἐπιδοτουμένους καπνεργάτας, οἱ δὲ συνταξιοῦχοι ἄλλας δύο μηνιαίας συντάξεις.
ΟΙ ΔΙΚΗΓΟΡΟΙ ΘΑ ΑΠΟΣΧΟΥΝ ΤΩΝ ΔΙΚΑΣΤΗΡΙΩΝ ΕΑΝ ΔΕΝ ΕΠΙΛΥΘΟΥΝ ΤΑ ΕΚΚΡΕΜΗ ΑΙΤΗΜΑΤΑ ΤΩΝ
Σήμερον συνέρχεται ἡ γενικὴ συνέλευσις τοῦ Δικηγορικοῦ Συλλόγου Θεσσαλονίκης διὰ νὰ ἀποφασίσῃ ἐπὶ τῶν μέτρων τὰ ὁποῖα θὰ ληφθοῦν ἐὰν δὲν ἐπιλυθοῦν τὰ ἐκκρεμῆ αἰτήματα τῶν δικηγόρων.
Σήμερον συνέρχεται ἡ γενικὴ συνέλευσις τοῦ Δικηγορικοῦ Συλλόγου Θεσσαλονίκης διὰ νὰ ἀποφασίσῃ ἐπὶ τῶν μέτρων τὰ ὁποῖα θὰ ληφθοῦν ἐὰν δὲν ἐπιλυθοῦν τὰ ἐκκρεμῆ αἰτήματα τῶν δικηγόρων.
Σήμερον συνέρχεται ἡ γενικὴ συνέλευσις τοῦ Δικηγορικοῦ Συλλόγου Θεσσαλονίκης διὰ νὰ ἀποφασίσῃ ἐπὶ τῶν μέτρων τὰ ὁποῖα θὰ ληφθοῦν ἐὰν δὲν ἐπιλυθοῦν τὰ ἐκκρεμῆ αἰτήματα τῶν δικηγόρων.
Σήμερον συνέρχεται ἡ γενικὴ συνέλευσις τοῦ Δικηγορικοῦ Συλλόγου Θεσσαλονίκης διὰ νὰ ἀποφασίσῃ ἐπὶ τῶν μέτρων τὰ ὁποῖα θὰ ληφθοῦν ἐὰν δὲν ἐπιλυθοῦν τὰ ἐκκρεμῆ αἰτήματα τῶν δικηγόρων.
Σήμερον συνέρχεται ἡ γενικὴ συνέλευσις τοῦ Δικηγορικοῦ Συλλόγου Θεσσαλονίκης διὰ νὰ ἀποφασίσῃ ἐπὶ τῶν μέτρων τὰ ὁποῖα θὰ ληφθοῦν ἐὰν δὲν ἐπιλυθοῦν τὰ ἐκκρεμῆ αἰτήματα τῶν δικηγόρων.
Σήμερον συνέρχεται ἡ γενικὴ συνέλευσις τοῦ Δικηγορικοῦ Συλλόγου Θεσσαλονίκης διὰ νὰ ἀποφασίσῃ ἐπὶ τῶν μέτρων τὰ ὁποῖα θὰ ληφθοῦν ἐὰν δὲν ἐπιλυθοῦν τὰ ἐκκρεμῆ αἰτήματα τῶν δικηγόρων.
Σήμερον συνέρχεται ἡ γενικὴ συνέλευσις τοῦ Δικηγορικοῦ Συλλόγου Θεσσαλονίκης διὰ νὰ ἀποφασίσῃ ἐπὶ τῶν μέτρων τὰ ὁποῖα θὰ ληφθοῦν ἐὰν δὲν ἐπιλυθοῦν τὰ ἐκκρεμῆ αἰτήματα τῶν δικηγόρων.
Σήμερον συνέρχεται ἡ γενικὴ συνέλευσις τοῦ Δικηγορικοῦ Συλλόγου Θεσσαλονίκης διὰ νὰ ἀποφασίσῃ ἐπὶ τῶν μέτρων τὰ ὁποῖα θὰ ληφθοῦν ἐὰν δὲν ἐπιλυθοῦν τὰ ἐκκρεμῆ αἰτήματα τῶν δικηγόρων.
ΟΙ ΕΝΟΡΚΟΙ ΤΟΥ ΚΑΚΟΥΡΓΙΟΔΙΚΕΙΟΥ ΞΑΝΘΗΣ
ΞΑΝΘΗ, 23.— Ὑπὸ τοῦ πρωτοδικείου ἐκληρώθησαν οἱ ἔνορκοι τοῦ κακουργιοδικείου διὰ τὴν Α' δεκαπενθήμερον τοῦ Δεκεμβρίου.
ΞΑΝΘΗ, 23.— Ὑπὸ τοῦ πρωτοδικείου ἐκληρώθησαν οἱ ἔνορκοι τοῦ κακουργιοδικείου διὰ τὴν Α' δεκαπενθήμερον τοῦ Δεκεμβρίου.
ΞΑΝΘΗ, 23.— Ὑπὸ τοῦ πρωτοδικείου ἐκληρώθησαν οἱ ἔνορκοι τοῦ κακουργιοδικείου διὰ τὴν Α' δεκαπενθήμερον τοῦ Δεκεμβρίου.
ΞΑΝΘΗ, 23.— Ὑπὸ τοῦ πρωτοδικείου ἐκληρώθησαν οἱ ἔνορκοι τοῦ κακουργιοδικείου διὰ τὴν Α' δεκαπενθήμερον τοῦ Δεκεμβρίου.
ΑΙ ΕΡΓΑΤΙΚΑΙ ΕΙΔΗΣΕΙΣ
Εἰς τὸ ἐν Θεσσαλονίκῃ κλιμάκιον τοῦ ΙΚΑ συνεκλήθησαν οἱ ἐκπρόσωποι τῶν ἐργατικῶν σωματείων διὰ τὴν συζήτησιν τῶν ζητημάτων ἀσφαλίσεως τῶν ἐργατῶν.
Εἰς τὸ ἐν Θεσσαλονίκῃ κλιμάκιον τοῦ ΙΚΑ συνεκλήθησαν οἱ ἐκπρόσωποι τῶν ἐργατικῶν σωματείων διὰ τὴν συζήτησιν τῶν ζητημάτων ἀσφαλίσεως τῶν ἐργατῶν.
Εἰς τὸ ἐν Θεσσαλονίκῃ κλιμάκιον τοῦ ΙΚΑ συνεκλήθησαν οἱ ἐκπρόσωποι τῶν ἐργατικῶν σωματείων διὰ τὴν συζήτησιν τῶν ζητημάτων ἀσφαλίσεως τῶν ἐργατῶν.
Εἰς τὸ ἐν Θεσσαλονίκῃ κλιμάκιον τοῦ ΙΚΑ συνεκλήθησαν οἱ ἐκπρόσωποι τῶν ἐργατικῶν σωματείων διὰ τὴν συζήτησιν τῶν ζητημάτων ἀσφαλίσεως τῶν ἐργατῶν.
Εἰς τὸ ἐν Θεσσαλονίκῃ κλιμάκιον τοῦ ΙΚΑ συνεκλήθησαν οἱ ἐκπρόσωποι τῶν ἐργατικῶν σωματείων διὰ τὴν συζήτησιν τῶν ζητημάτων ἀσφαλίσεως τῶν ἐργατῶν.
Εἰς τὸ ἐν Θεσσαλονίκῃ κλιμάκιον τοῦ ΙΚΑ συνεκλήθησαν οἱ ἐκπρόσωποι τῶν ἐργατικῶν σωματείων διὰ τὴν συζήτησιν τῶν ζητημάτων ἀσφαλίσεως τῶν ἐργατῶν.
Εἰς τὸ ἐν Θεσσαλονίκῃ κλιμάκιον τοῦ ΙΚΑ συνεκλήθησαν οἱ ἐκπρόσωποι τῶν ἐργατικῶν σωματείων διὰ τὴν συζήτησιν τῶν ζητημάτων ἀσφαλίσεως τῶν ἐργατῶν.
ΕΠΑΡΧΙΑΚΑΙ ΕΙΔΗΣΕΙΣ
ΑΠΟ ΤΗΝ ΚΑΤΕΡΙΝΗΝ
ΚΑΤΕΡΙΝΗ, 23.— Ἀρχίζει τὴν πρωΐαν τῆς αὔριον ἡ ἐκδήλωσις ἐκδηλώσεως τῶν κατοίκων πρὸς τιμὴν τῶν εὐεργετῶν τῆς πόλεως. Ἡ ἐκδήλωσις θὰ διαρκέσῃ τρεῖς ἡμέρας.
ΚΑΤΕΡΙΝΗ, 23.— Ἀρχίζει τὴν πρωΐαν τῆς αὔριον ἡ ἐκδήλωσις ἐκδηλώσεως τῶν κατοίκων πρὸς τιμὴν τῶν εὐεργετῶν τῆς πόλεως. Ἡ ἐκδήλωσις θὰ διαρκέσῃ τρεῖς ἡμέρας.
ΚΑΤΕΡΙΝΗ, 23.— Ἀρχίζει τὴν πρωΐαν τῆς αὔριον ἡ ἐκδήλωσις ἐκδηλώσεως τῶν κατοίκων πρὸς τιμὴν τῶν εὐεργετῶν τῆς πόλεως. Ἡ ἐκδήλωσις θὰ διαρκέσῃ τρεῖς ἡμέρας.
ΑΠΟ ΤΗΝ ΚΟΜΟΤΗΝΗΝ
ΚΟΜΟΤΗΝΗ, 23.— Ἐδόθη χθὲς εἰς τὴν αἴθουσαν τοῦ ΚΤΕΛ διάλεξις ὑπὸ τοῦ γυμνασιάρχου μὲ θέμα τὴν ἐθνικὴν ἀγωγήν.
ΚΟΜΟΤΗΝΗ, 23.— Ἐδόθη χθὲς εἰς τὴν αἴθουσαν τοῦ ΚΤΕΛ διάλεξις ὑπὸ τοῦ γυμνασιάρχου μὲ θέμα τὴν ἐθνικὴν ἀγωγήν.
ΚΟΜΟΤΗΝΗ, 23.— Ἐδόθη χθὲς εἰς τὴν αἴθουσαν τοῦ ΚΤΕΛ διάλεξις ὑπὸ τοῦ γυμνασιάρχου μὲ θέμα τὴν ἐθνικὴν ἀγωγήν.
ΑΠΟ ΤΗΝ ΦΛΩΡΙΝΑΝ
ΦΛΩΡΙΝΑ, 23.— Ἀπὸ χθὲς ἤρχισαν αἱ πρῶται χιονοπτώσεις εἰς τὰ ὀρεινὰ χωριὰ τοῦ νομοῦ.
ΑΠΟ ΤΟ ΣΙΔΗΡΟΚΑΣΤΡΟΝ
ΣΙΔΗΡΟΚΑΣΤΡΟΝ, 23.— Εἰς τὸ κέντρον «Ἑσπερὶς» ἐδόθη χθὲς χορὸς ὑπὸ τοῦ συλλόγου κυριῶν ὑπὲρ τῶν ἀπόρων μαθητῶν.
ΣΙΔΗΡΟΚΑΣΤΡΟΝ, 23.— Εἰς τὸ κέντρον «Ἑσπερὶς» ἐδόθη χθὲς χορὸς ὑπὸ τοῦ συλλόγου κυριῶν ὑπὲρ τῶν ἀπόρων μαθητῶν.
ΑΠΟ ΤΗΝ ΔΡΑΜΑΝ
ΔΡΑΜΑ, 23.— Ἀφίχθη ἐνταῦθα ὁ γενικὸς ἐπιθεωρητὴς δημοτικῶν σχολείων ὅστις θὰ ἐπιθεωρήσῃ τὰ σχολεῖα τοῦ νομοῦ.
ΔΡΑΜΑ, 23.— Ἀφίχθη ἐνταῦθα ὁ γενικὸς ἐπιθεωρητὴς δημοτικῶν σχολείων ὅστις θὰ ἐπιθεωρήσῃ τὰ σχολεῖα τοῦ νομοῦ.
ΔΡΑΜΑ, 23.— Ἀφίχθη ἐνταῦθα ὁ γενικὸς ἐπιθεωρητὴς δημοτικῶν σχολείων ὅστις θὰ ἐπιθεωρήσῃ τὰ σχολεῖα τοῦ νομοῦ.
ΑΠΟ ΤΑΣ ΦΕΡΡΑΣ
ΦΕΡΡΑΙ, 23.— Ἡ δημοτικὴ ἀρχὴ ἀπεφάσισε τὴν κατασκευὴν νέου ὑδραγωγείου διὰ τὴν ὑδροδότησιν τῆς πόλεως.
ΦΕΡΡΑΙ, 23.— Ἡ δημοτικὴ ἀρχὴ ἀπεφάσισε τὴν κατασκευὴν νέου ὑδραγωγείου διὰ τὴν ὑδροδότησιν τῆς πόλεως.
ΑΠΟ ΤΟΝ ΒΟΛΟΝ
ΒΟΛΟΣ, 23.— Ἀπεφασίσθη ἡ ἵδρυσις εἰς τὴν πόλιν μας παραρτήματος τοῦ Ἐθνικοῦ Ἱδρύματος.
ΒΟΛΟΣ, 23.— Ἀπεφασίσθη ἡ ἵδρυσις εἰς τὴν πόλιν μας παραρτήματος τοῦ Ἐθνικοῦ Ἱδρύματος.
